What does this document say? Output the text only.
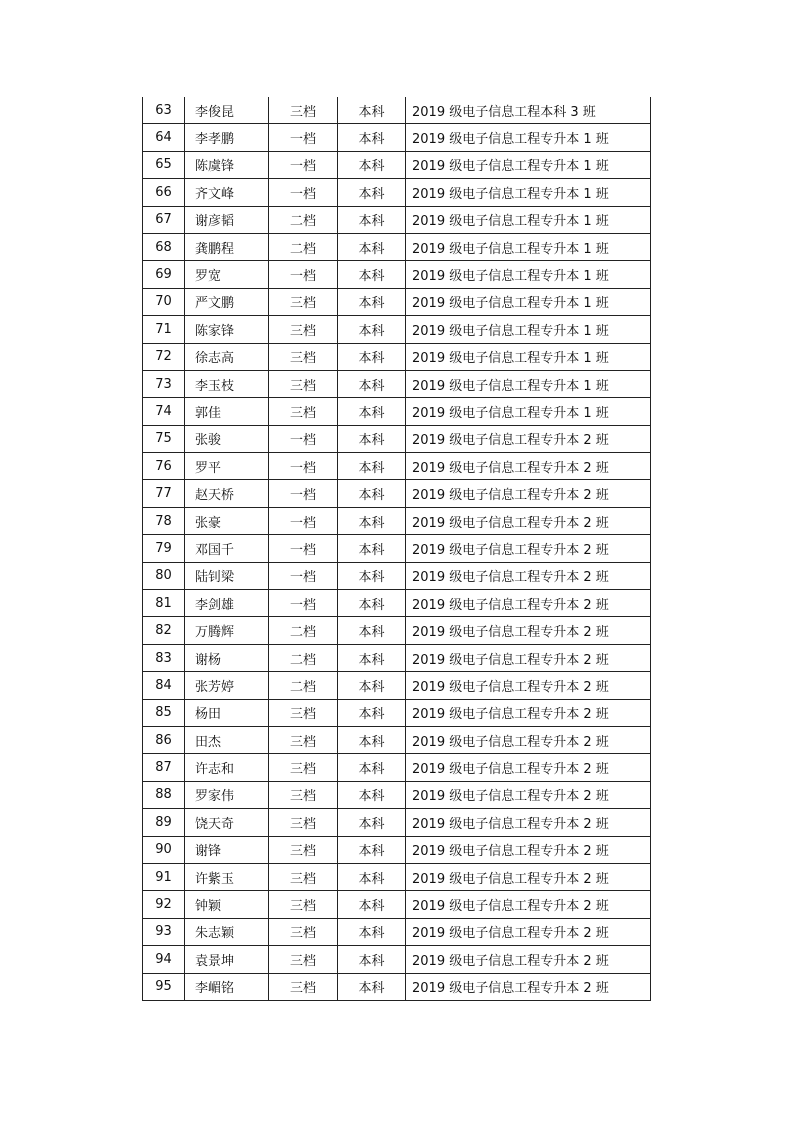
63	李俊昆	三档	本科	2019 级电子信息工程本科 3 班
64	李孝鹏	一档	本科	2019 级电子信息工程专升本 1 班
65	陈虞锋	一档	本科	2019 级电子信息工程专升本 1 班
66	齐文峰	一档	本科	2019 级电子信息工程专升本 1 班
67	谢彦韬	二档	本科	2019 级电子信息工程专升本 1 班
68	龚鹏程	二档	本科	2019 级电子信息工程专升本 1 班
69	罗宽	一档	本科	2019 级电子信息工程专升本 1 班
70	严文鹏	三档	本科	2019 级电子信息工程专升本 1 班
71	陈家锋	三档	本科	2019 级电子信息工程专升本 1 班
72	徐志高	三档	本科	2019 级电子信息工程专升本 1 班
73	李玉枝	三档	本科	2019 级电子信息工程专升本 1 班
74	郭佳	三档	本科	2019 级电子信息工程专升本 1 班
75	张骏	一档	本科	2019 级电子信息工程专升本 2 班
76	罗平	一档	本科	2019 级电子信息工程专升本 2 班
77	赵天桥	一档	本科	2019 级电子信息工程专升本 2 班
78	张豪	一档	本科	2019 级电子信息工程专升本 2 班
79	邓国千	一档	本科	2019 级电子信息工程专升本 2 班
80	陆钊梁	一档	本科	2019 级电子信息工程专升本 2 班
81	李剑雄	一档	本科	2019 级电子信息工程专升本 2 班
82	万腾辉	二档	本科	2019 级电子信息工程专升本 2 班
83	谢杨	二档	本科	2019 级电子信息工程专升本 2 班
84	张芳婷	二档	本科	2019 级电子信息工程专升本 2 班
85	杨田	三档	本科	2019 级电子信息工程专升本 2 班
86	田杰	三档	本科	2019 级电子信息工程专升本 2 班
87	许志和	三档	本科	2019 级电子信息工程专升本 2 班
88	罗家伟	三档	本科	2019 级电子信息工程专升本 2 班
89	饶天奇	三档	本科	2019 级电子信息工程专升本 2 班
90	谢锋	三档	本科	2019 级电子信息工程专升本 2 班
91	许紫玉	三档	本科	2019 级电子信息工程专升本 2 班
92	钟颖	三档	本科	2019 级电子信息工程专升本 2 班
93	朱志颖	三档	本科	2019 级电子信息工程专升本 2 班
94	袁景坤	三档	本科	2019 级电子信息工程专升本 2 班
95	李嵋铭	三档	本科	2019 级电子信息工程专升本 2 班
